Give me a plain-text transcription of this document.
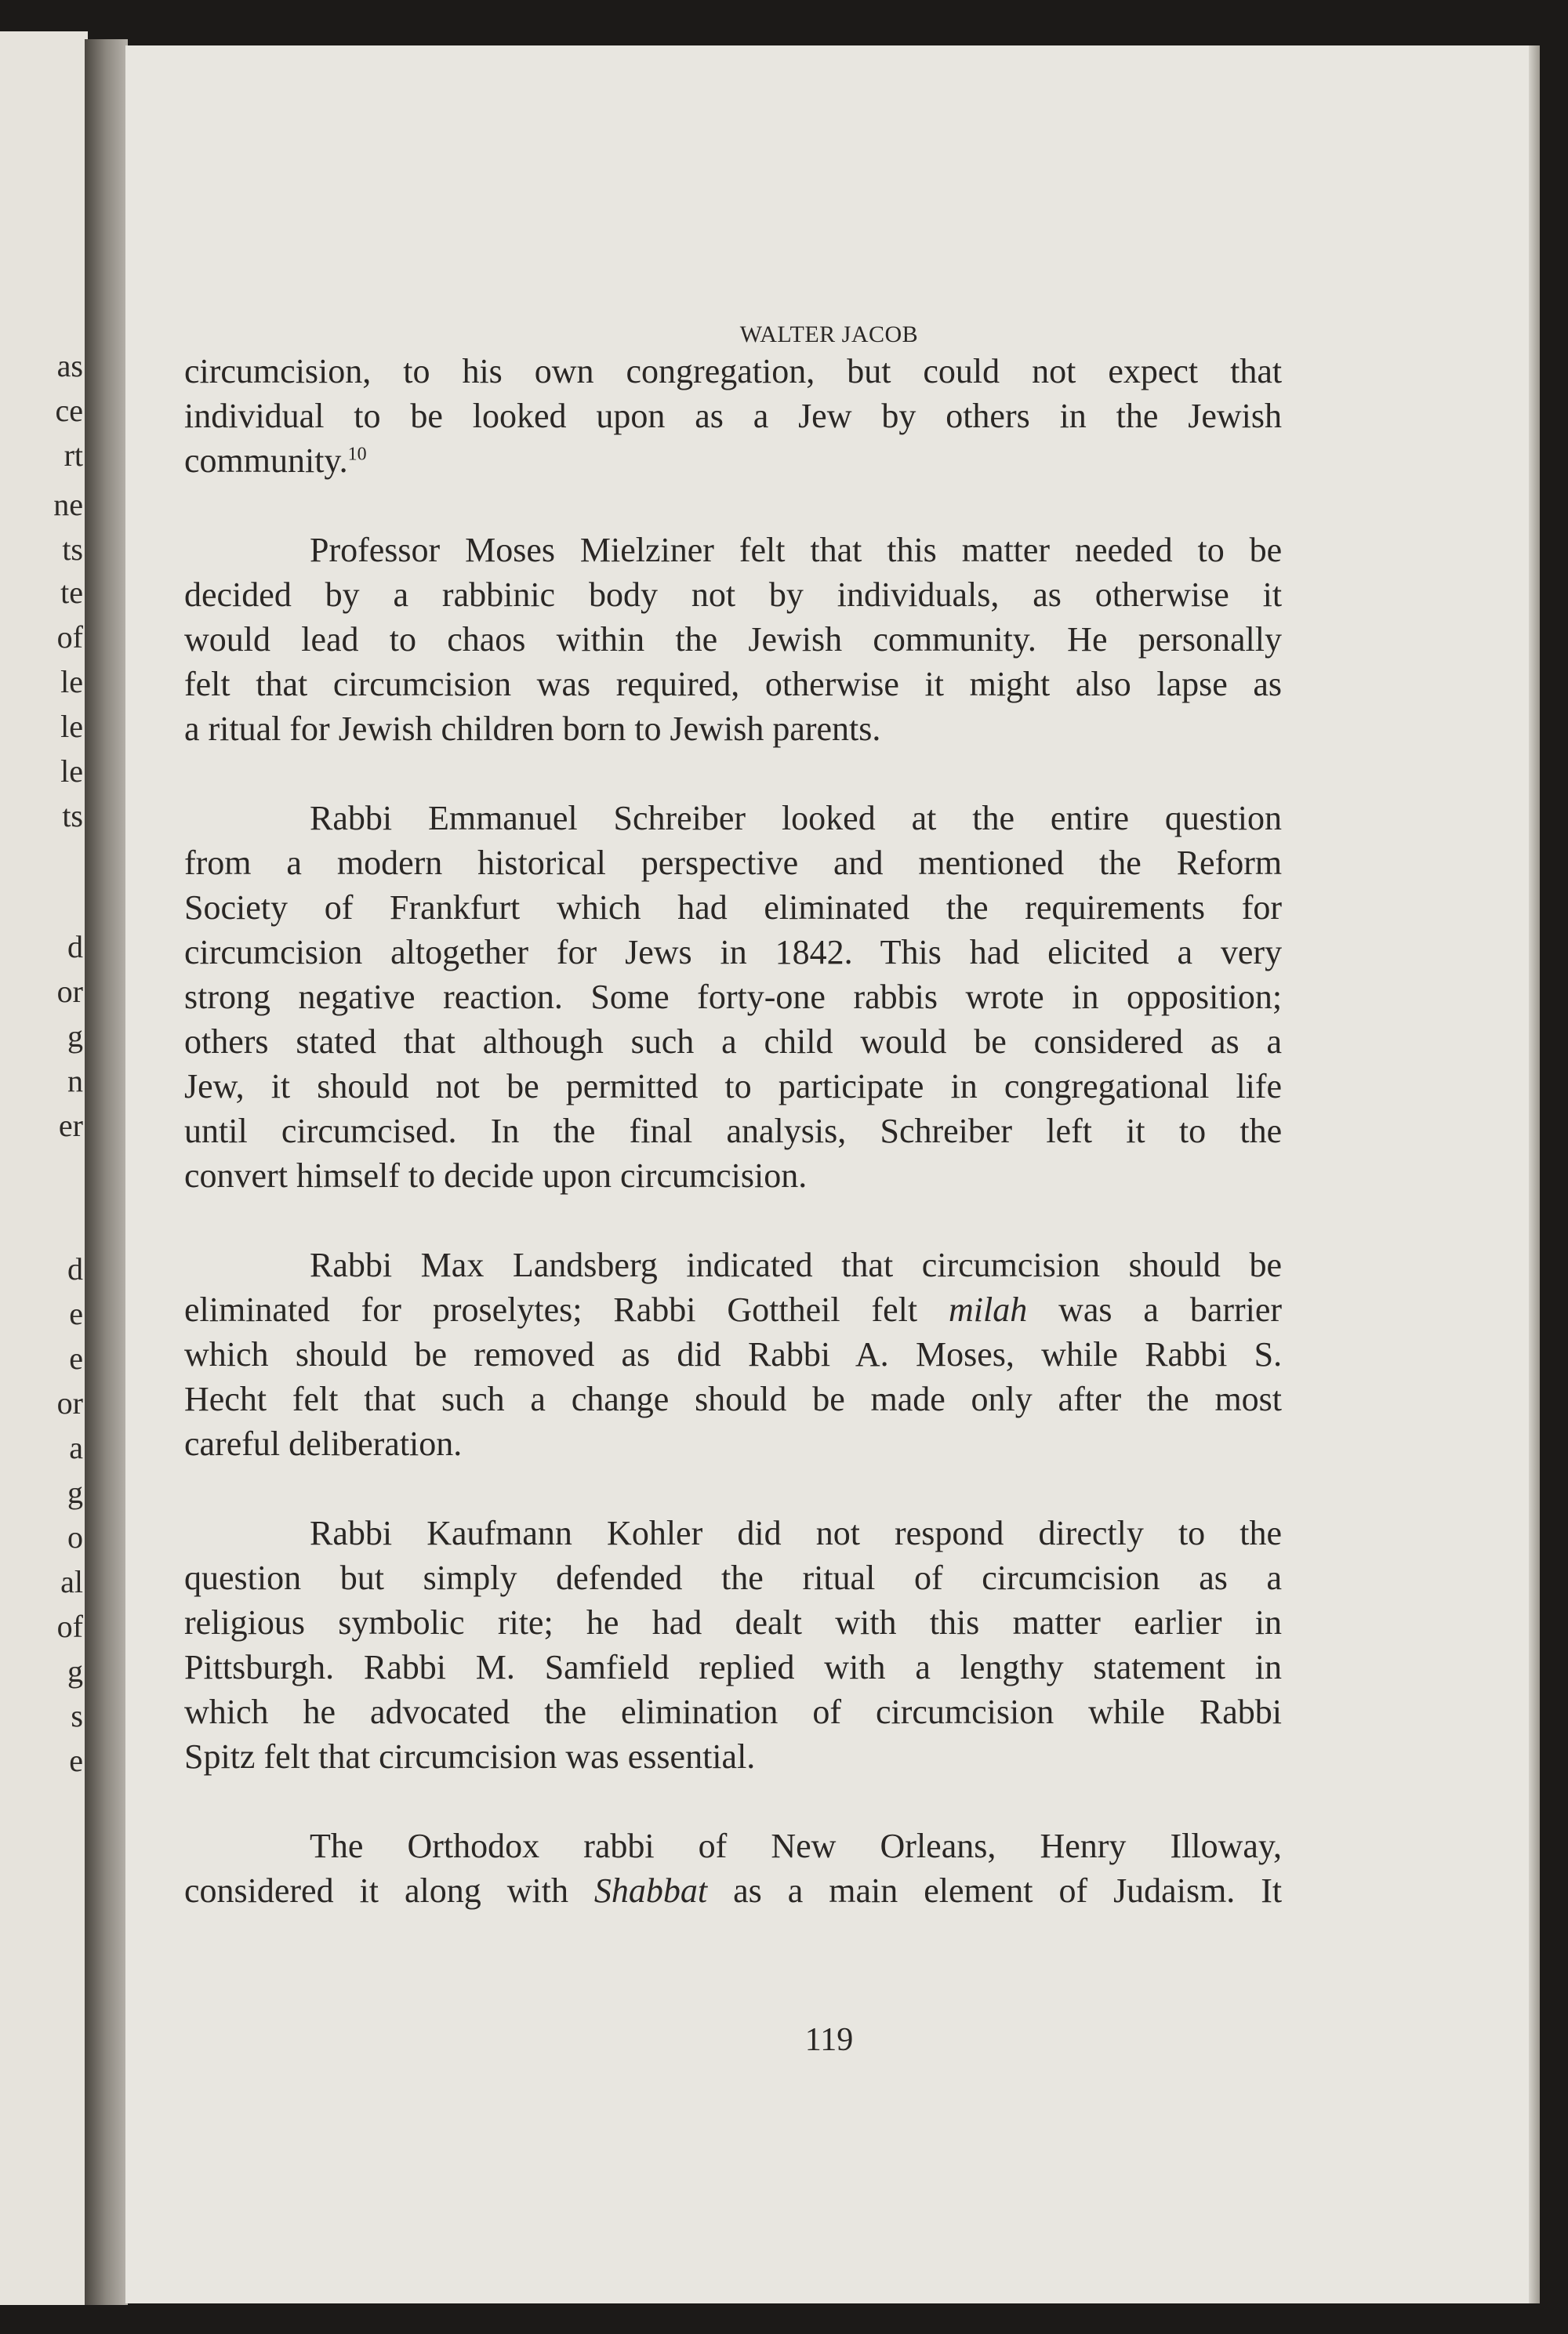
as
ce
rt
ne
ts
te
of
le
le
le
ts
d
or
g
n
er
d
e
e
or
a
g
o
al
of
g
s
e
WALTER JACOB
circumcision, to his own congregation, but could not expect that
individual to be looked upon as a Jew by others in the Jewish
community.$^{10}$
Professor Moses Mielziner felt that this matter needed to be
decided by a rabbinic body not by individuals, as otherwise it
would lead to chaos within the Jewish community. He personally
felt that circumcision was required, otherwise it might also lapse as
a ritual for Jewish children born to Jewish parents.
Rabbi Emmanuel Schreiber looked at the entire question
from a modern historical perspective and mentioned the Reform
Society of Frankfurt which had eliminated the requirements for
circumcision altogether for Jews in 1842. This had elicited a very
strong negative reaction. Some forty-one rabbis wrote in opposition;
others stated that although such a child would be considered as a
Jew, it should not be permitted to participate in congregational life
until circumcised. In the final analysis, Schreiber left it to the
convert himself to decide upon circumcision.
Rabbi Max Landsberg indicated that circumcision should be
eliminated for proselytes; Rabbi Gottheil felt milah was a barrier
which should be removed as did Rabbi A. Moses, while Rabbi S.
Hecht felt that such a change should be made only after the most
careful deliberation.
Rabbi Kaufmann Kohler did not respond directly to the
question but simply defended the ritual of circumcision as a
religious symbolic rite; he had dealt with this matter earlier in
Pittsburgh. Rabbi M. Samfield replied with a lengthy statement in
which he advocated the elimination of circumcision while Rabbi
Spitz felt that circumcision was essential.
The Orthodox rabbi of New Orleans, Henry Illoway,
considered it along with Shabbat as a main element of Judaism. It
119
